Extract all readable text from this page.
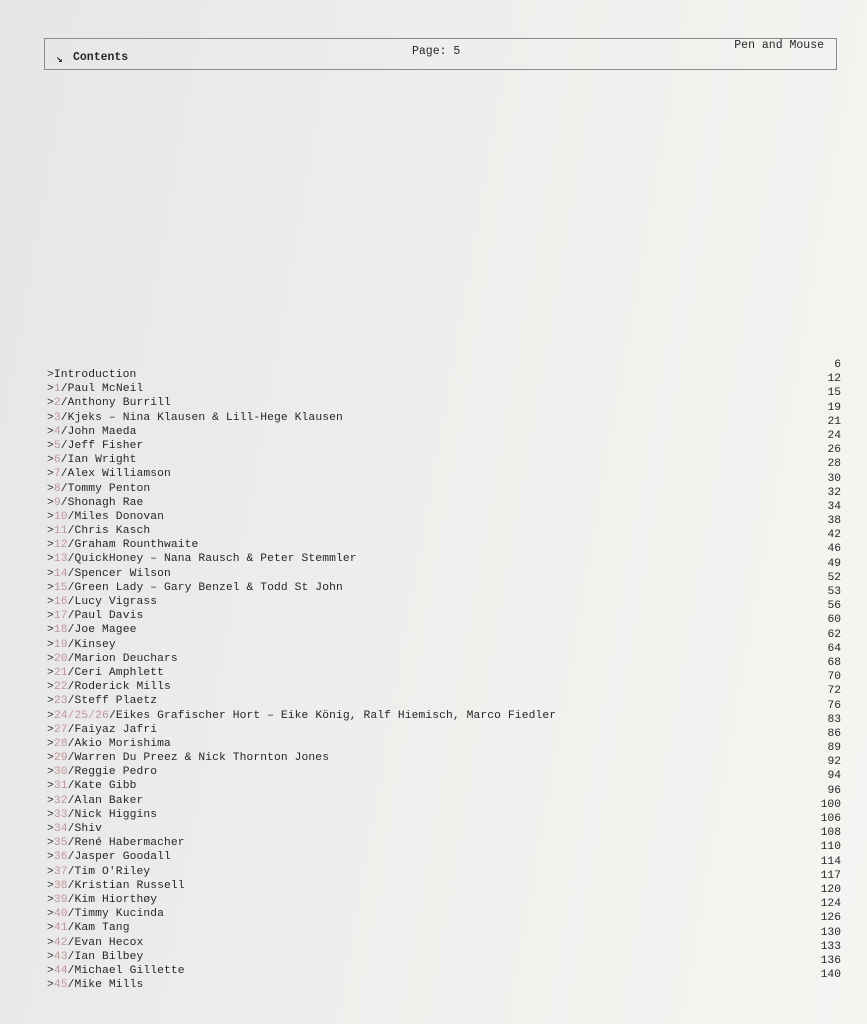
↘ Contents	Page: 5	Pen and Mouse
>Introduction
>1/Paul McNeil
>2/Anthony Burrill
>3/Kjeks – Nina Klausen & Lill-Hege Klausen
>4/John Maeda
>5/Jeff Fisher
>6/Ian Wright
>7/Alex Williamson
>8/Tommy Penton
>9/Shonagh Rae
>10/Miles Donovan
>11/Chris Kasch
>12/Graham Rounthwaite
>13/QuickHoney – Nana Rausch & Peter Stemmler
>14/Spencer Wilson
>15/Green Lady – Gary Benzel & Todd St John
>16/Lucy Vigrass
>17/Paul Davis
>18/Joe Magee
>19/Kinsey
>20/Marion Deuchars
>21/Ceri Amphlett
>22/Roderick Mills
>23/Steff Plaetz
>24/25/26/Eikes Grafischer Hort – Eike König, Ralf Hiemisch, Marco Fiedler
>27/Faiyaz Jafri
>28/Akio Morishima
>29/Warren Du Preez & Nick Thornton Jones
>30/Reggie Pedro
>31/Kate Gibb
>32/Alan Baker
>33/Nick Higgins
>34/Shiv
>35/René Habermacher
>36/Jasper Goodall
>37/Tim O'Riley
>38/Kristian Russell
>39/Kim Hiorthøy
>40/Timmy Kucinda
>41/Kam Tang
>42/Evan Hecox
>43/Ian Bilbey
>44/Michael Gillette
>45/Mike Mills
6
12
15
19
21
24
26
28
30
32
34
38
42
46
49
52
53
56
60
62
64
68
70
72
76
83
86
89
92
94
96
100
106
108
110
114
117
120
124
126
130
133
136
140
